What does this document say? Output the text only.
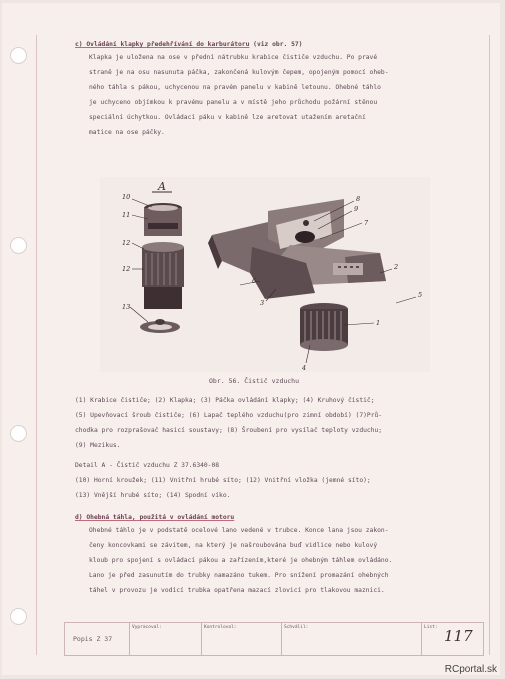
c) Ovládání klapky předehřívání do karburátoru (viz obr. 57)
Klapka je uložena na ose v přední nátrubku krabice čističe vzduchu. Po pravé
straně je na osu nasunuta páčka, zakončená kulovým čepem, opojeným pomocí oheb-
ného táhla s pákou, uchycenou na pravém panelu v kabině letounu. Ohebné táhlo
je uchyceno objímkou k pravému panelu a v místě jeho průchodu požární stěnou
speciální úchytkou. Ovládací páku v kabině lze aretovat utažením aretační
matice na ose páčky.
A
10
11
12
12
13
8
9
7
2
6
3
1
4
5
Obr. 56. Čistič vzduchu
(1) Krabice čističe; (2) Klapka; (3) Páčka ovládání klapky; (4) Kruhový čistič;
(5) Upevňovací šroub čističe; (6) Lapač teplého vzduchu(pro zimní období) (7)Prů-
chodka pro rozprašovač hasicí soustavy; (8) Šroubení pro vysílač teploty vzduchu;
(9) Mezikus.
Detail A - Čistič vzduchu Z 37.6340-08
(10) Horní kroužek; (11) Vnitřní hrubé síto; (12) Vnitřní vložka (jemné síto);
(13) Vnější hrubé síto; (14) Spodní víko.
d) Ohebná táhla, použitá v ovládání motoru
Ohebné táhlo je v podstatě ocelové lano vedené v trubce. Konce lana jsou zakon-
čeny koncovkami se závitem, na který je našroubována buď vidlice nebo kulový
kloub pro spojení s ovládací pákou a zařízením,které je ohebným táhlem ovládáno.
Lano je před zasunutím do trubky namazáno tukem. Pro snížení promazání ohebných
táhel v provozu je vodící trubka opatřena mazací zlovicí pro tlakovou maznici.
Popis Z 37
Vypracoval:	Kontroloval:	Schválil:	List: 117
RCportal.sk
